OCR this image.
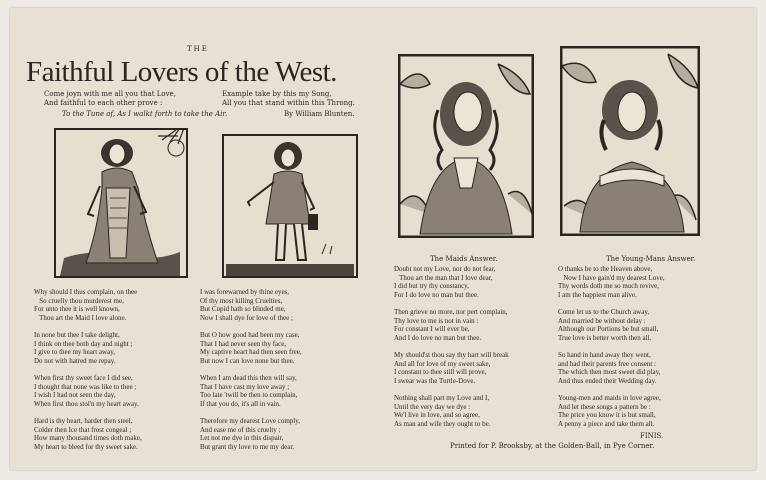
THE
Faithful Lovers of the West.
Come joyn with me all you that Love,
And faithful to each other prove :
Example take by this my Song,
All you that stand within this Throng.
To the Tune of, As I walkt forth to take the Air.	By William Blunten.
Why should I thus complain, on thee
So cruelly thou murderest me,
For unto thee it is well known,
Thou art the Maid I love alone.

In none but thee I take delight,
I think on thee both day and night ;
I give to thee my heart away,
Do not with hatred me repay.

When first thy sweet face I did see,
I thought that none was like to thee ;
I wish I had not seen the day,
When first thou stol'n my heart away.

Hard is thy heart, harder then steel,
Colder then Ice that frost congeal ;
How many thousand times doth make,
My heart to bleed for thy sweet sake.
I was forewarned by thine eyes,
Of thy most killing Cruelties,
But Cupid hath so blinded me,
Now I shall dye for love of thee ;

But O how good had been my case,
That I had never seen thy face,
My captive heart had then seen free,
But now I can love none but thee.

When I am dead this then will say,
That I have cast my love away ;
Too late 'twill be then to complain,
If that you do, it's all in vain.

Therefore my dearest Love comply,
And ease me of this cruelty ;
Let not me dye in this dispair,
But grant thy love to me my dear.
The Maids Answer.
Doubt not my Love, nor do not fear,
Thou art the man that I love dear,
I did but try thy constancy,
For I do love no man but thee.

Then grieve no more, nor pert complain,
Thy love to me is not in vain :
For constant I will ever be,
And I do love no man but thee.

My should'st thou say thy hart will break
And all for love of my sweet sake,
I constant to thee still will prove,
I swear was the Turtle-Dove.

Nothing shall part my Love and I,
Until the very day we dye :
We'l live in love, and so agree,
As man and wife they ought to be.
The Young-Mans Answer.
O thanks be to the Heaven above,
Now I have gain'd my dearest Love,
Thy words doth me so much revive,
I am the happiest man alive.

Come let us to the Church away,
And married be without delay :
Although our Portions be but small,
True love is better worth then all.

So hand in hand away they went,
and had their parents free consent :
The which then most sweet did play,
And thus ended their Wedding day.

Young-men and maids in love agree,
And let these songs a pattern be :
The price you know it is but small,
A penny a piece and take them all.
FINIS.
Printed for P. Brooksby, at the Golden-Ball, in Pye Corner.
